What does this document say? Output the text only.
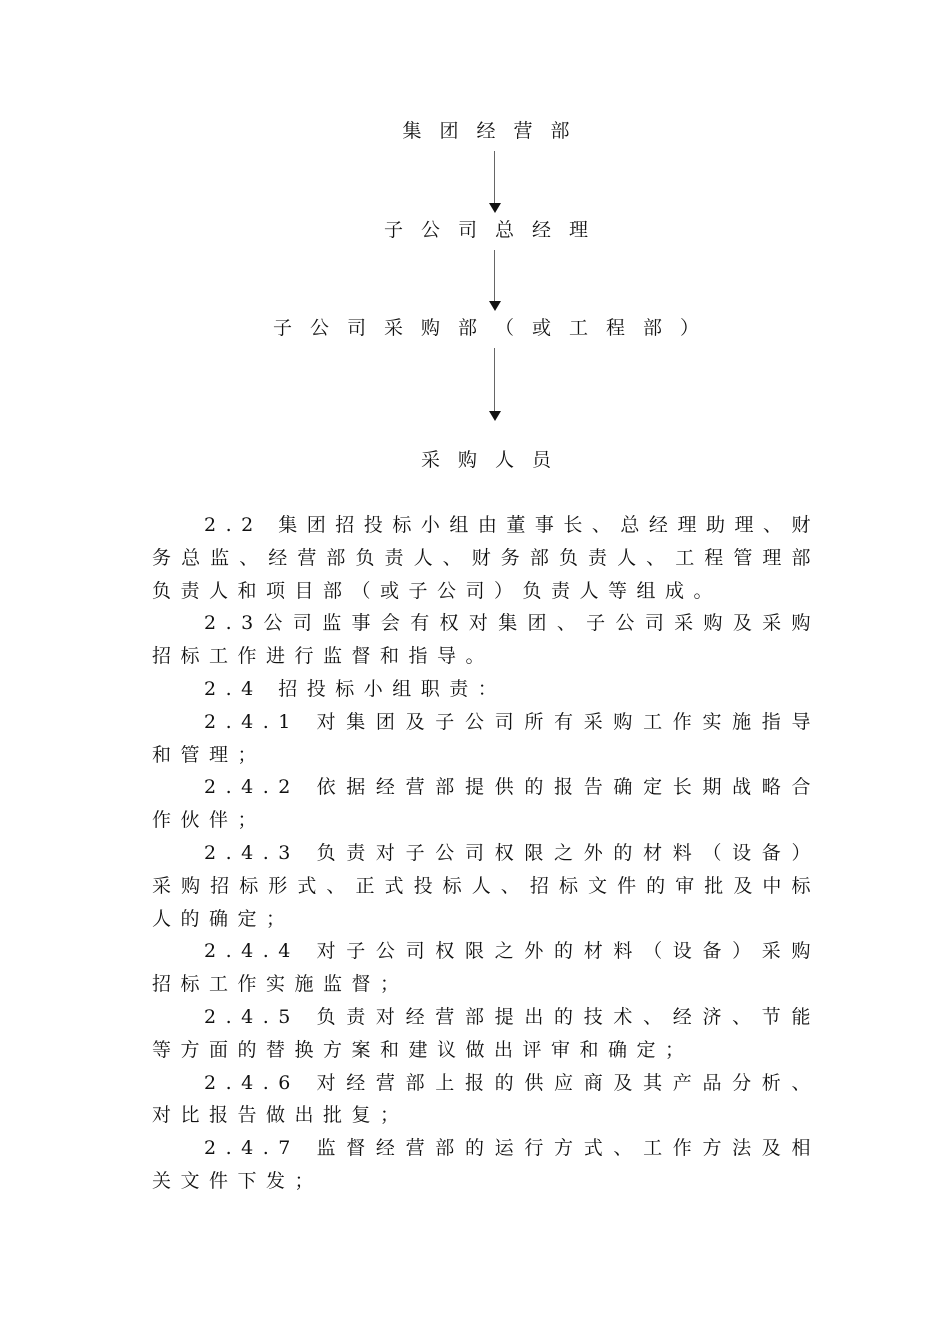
集团经营部
子公司总经理
子公司采购部（或工程部）
采购人员

2.2 集团招投标小组由董事长、总经理助理、财务总监、经营部负责人、财务部负责人、工程管理部负责人和项目部（或子公司）负责人等组成。

2.3公司监事会有权对集团、子公司采购及采购招标工作进行监督和指导。

2.4 招投标小组职责：

2.4.1 对集团及子公司所有采购工作实施指导和管理；

2.4.2 依据经营部提供的报告确定长期战略合作伙伴；

2.4.3 负责对子公司权限之外的材料（设备）采购招标形式、正式投标人、招标文件的审批及中标人的确定；

2.4.4 对子公司权限之外的材料（设备）采购招标工作实施监督；

2.4.5 负责对经营部提出的技术、经济、节能等方面的替换方案和建议做出评审和确定；

2.4.6 对经营部上报的供应商及其产品分析、对比报告做出批复；

2.4.7 监督经营部的运行方式、工作方法及相关文件下发；
